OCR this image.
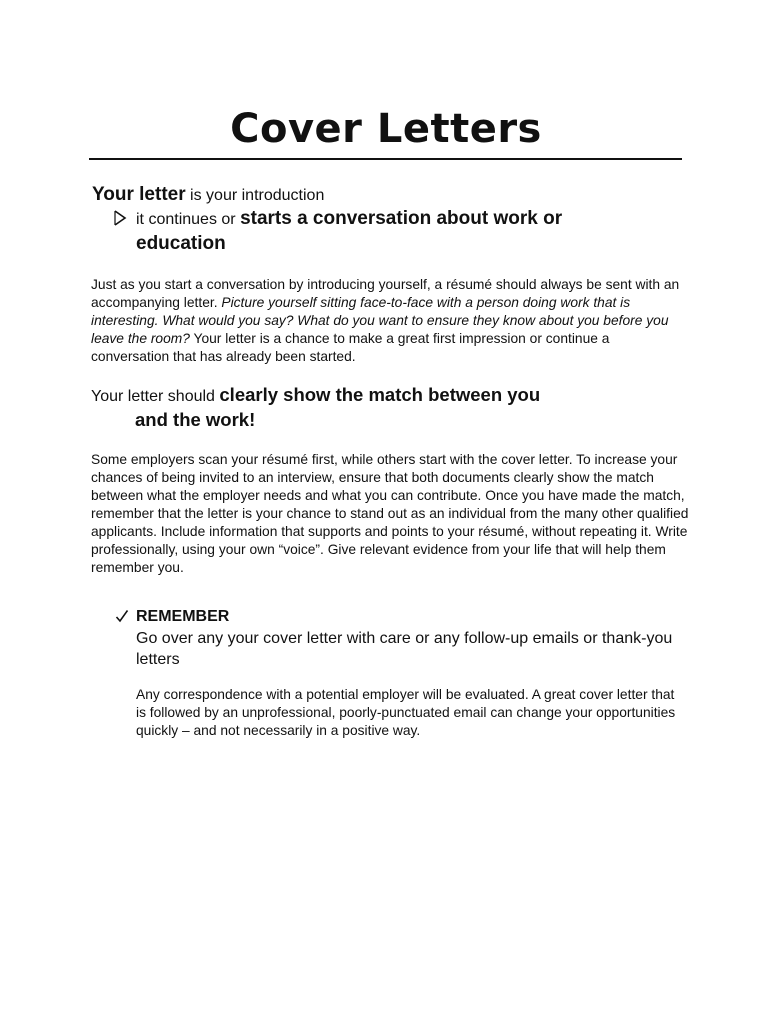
Cover Letters
Your letter is your introduction
it continues or starts a conversation about work or education

Just as you start a conversation by introducing yourself, a résumé should always be sent with an accompanying letter. Picture yourself sitting face-to-face with a person doing work that is interesting. What would you say? What do you want to ensure they know about you before you leave the room? Your letter is a chance to make a great first impression or continue a conversation that has already been started.

Your letter should clearly show the match between you
and the work!

Some employers scan your résumé first, while others start with the cover letter. To increase your chances of being invited to an interview, ensure that both documents clearly show the match between what the employer needs and what you can contribute. Once you have made the match, remember that the letter is your chance to stand out as an individual from the many other qualified applicants. Include information that supports and points to your résumé, without repeating it. Write professionally, using your own “voice”. Give relevant evidence from your life that will help them remember you.

REMEMBER
Go over any your cover letter with care or any follow-up emails or thank-you letters

Any correspondence with a potential employer will be evaluated. A great cover letter that is followed by an unprofessional, poorly-punctuated email can change your opportunities quickly – and not necessarily in a positive way.
